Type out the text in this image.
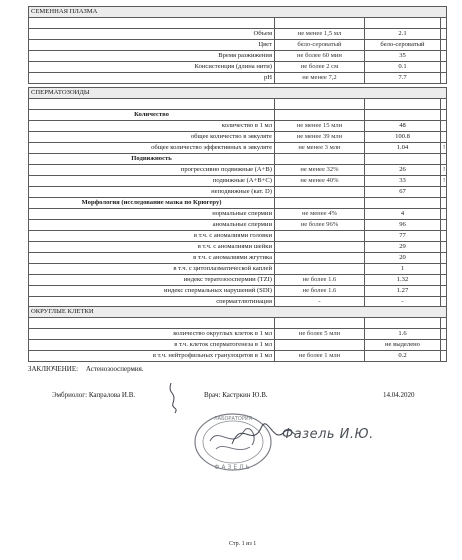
СЕМЕННАЯ ПЛАЗМА			

Объем	не менее 1,5 мл	2.1	
Цвет	бело-сероватый	бело-сероватый	
Время разжижения	не более 60 мин	35	
Консистенция (длина нити)	не более 2 см	0.1	
pH	не менее 7,2	7.7	
СПЕРМАТОЗОИДЫ			

Количество			
количество в 1 мл	не менее 15 млн	48	
общее количество в эякуляте	не менее 39 млн	100.8	
общее количество эффективных в эякуляте	не менее 3 млн	1.04	!
Подвижность			
прогрессивно подвижные (A+B)	не менее 32%	26	!
подвижные (A+B+C)	не менее 40%	33	!
неподвижные (кат. D)		67	
Морфология (исследование мазка по Крюгеру)			
нормальные спермии	не менее 4%	4	
аномальные спермии	не более 96%	96	
в т.ч. с аномалиями головки		77	
в т.ч. с аномалиями шейки		29	
в т.ч. с аномалиями жгутика		20	
в т.ч. с цитоплазматической каплей		1	
индекс тератозооспермии (TZI)	не более 1.6	1.32	
индекс спермальных нарушений (SDI)	не более 1.6	1.27	
спермагглютинация	-	-	
ОКРУГЛЫЕ КЛЕТКИ			

количество округлых клеток в 1 мл	не более 5 млн	1.6	
в т.ч. клеток сперматогенеза в 1 мл		не выделено	
в т.ч. нейтрофильных гранулоцитов в 1 мл	не более 1 млн	0.2	
ЗАКЛЮЧЕНИЕ: Астенозооспермия.
Эмбриолог: Капралова И.В.	Врач: Кастркин Ю.В.	14.04.2020
ЛАБОРАТОРИЯ
ФАЗЕЛЬ
Фазель И.Ю.
Стр. 1 из 1
